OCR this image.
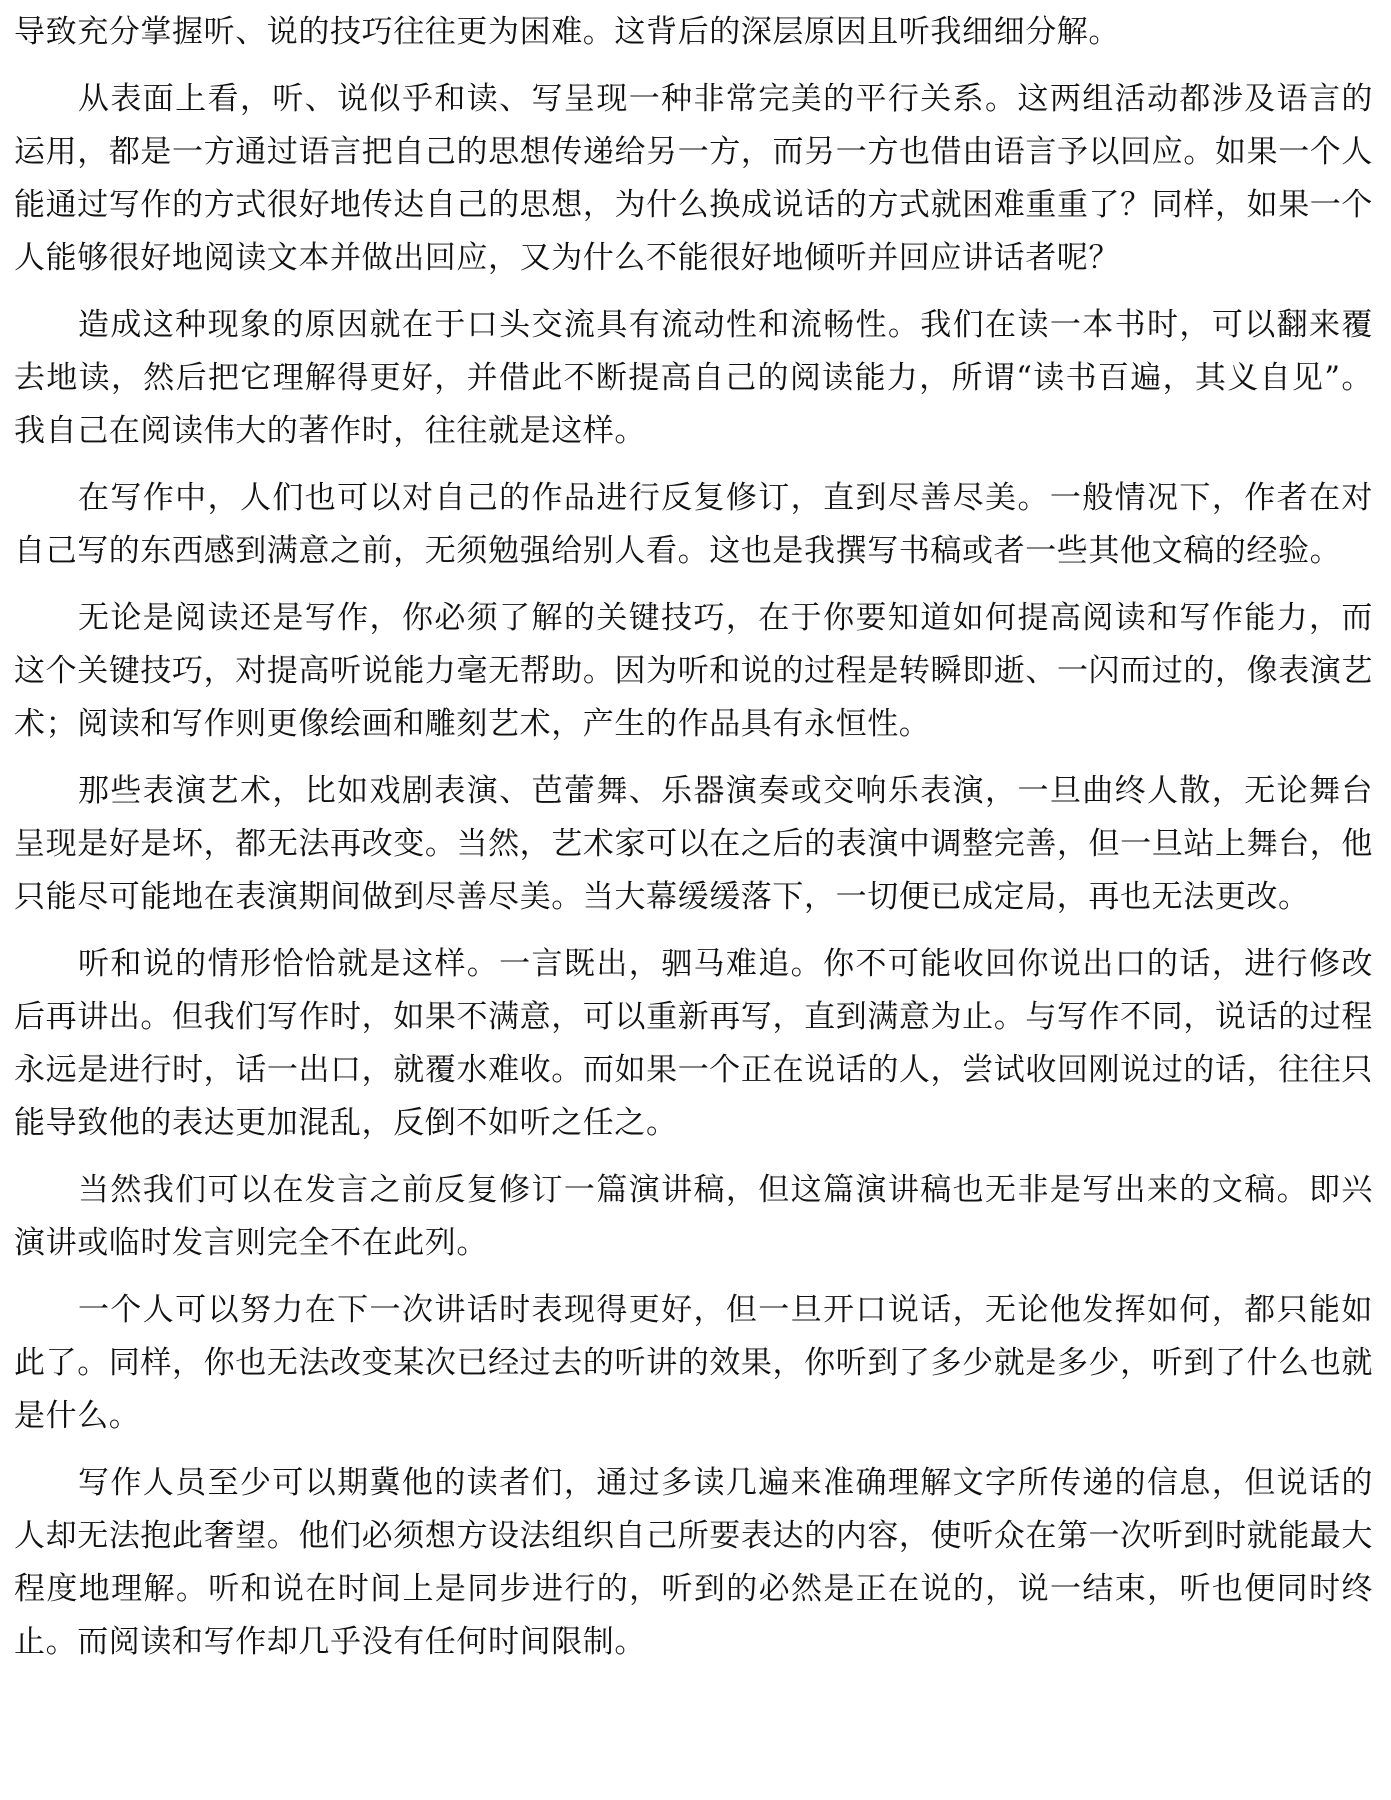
导致充分掌握听、说的技巧往往更为困难。这背后的深层原因且听我细细分解。

从表面上看，听、说似乎和读、写呈现一种非常完美的平行关系。这两组活动都涉及语言的运用，都是一方通过语言把自己的思想传递给另一方，而另一方也借由语言予以回应。如果一个人能通过写作的方式很好地传达自己的思想，为什么换成说话的方式就困难重重了？同样，如果一个人能够很好地阅读文本并做出回应，又为什么不能很好地倾听并回应讲话者呢？

造成这种现象的原因就在于口头交流具有流动性和流畅性。我们在读一本书时，可以翻来覆去地读，然后把它理解得更好，并借此不断提高自己的阅读能力，所谓“读书百遍，其义自见”。我自己在阅读伟大的著作时，往往就是这样。

在写作中，人们也可以对自己的作品进行反复修订，直到尽善尽美。一般情况下，作者在对自己写的东西感到满意之前，无须勉强给别人看。这也是我撰写书稿或者一些其他文稿的经验。

无论是阅读还是写作，你必须了解的关键技巧，在于你要知道如何提高阅读和写作能力，而这个关键技巧，对提高听说能力毫无帮助。因为听和说的过程是转瞬即逝、一闪而过的，像表演艺术；阅读和写作则更像绘画和雕刻艺术，产生的作品具有永恒性。

那些表演艺术，比如戏剧表演、芭蕾舞、乐器演奏或交响乐表演，一旦曲终人散，无论舞台呈现是好是坏，都无法再改变。当然，艺术家可以在之后的表演中调整完善，但一旦站上舞台，他只能尽可能地在表演期间做到尽善尽美。当大幕缓缓落下，一切便已成定局，再也无法更改。

听和说的情形恰恰就是这样。一言既出，驷马难追。你不可能收回你说出口的话，进行修改后再讲出。但我们写作时，如果不满意，可以重新再写，直到满意为止。与写作不同，说话的过程永远是进行时，话一出口，就覆水难收。而如果一个正在说话的人，尝试收回刚说过的话，往往只能导致他的表达更加混乱，反倒不如听之任之。

当然我们可以在发言之前反复修订一篇演讲稿，但这篇演讲稿也无非是写出来的文稿。即兴演讲或临时发言则完全不在此列。

一个人可以努力在下一次讲话时表现得更好，但一旦开口说话，无论他发挥如何，都只能如此了。同样，你也无法改变某次已经过去的听讲的效果，你听到了多少就是多少，听到了什么也就是什么。

写作人员至少可以期冀他的读者们，通过多读几遍来准确理解文字所传递的信息，但说话的人却无法抱此奢望。他们必须想方设法组织自己所要表达的内容，使听众在第一次听到时就能最大程度地理解。听和说在时间上是同步进行的，听到的必然是正在说的，说一结束，听也便同时终止。而阅读和写作却几乎没有任何时间限制。
